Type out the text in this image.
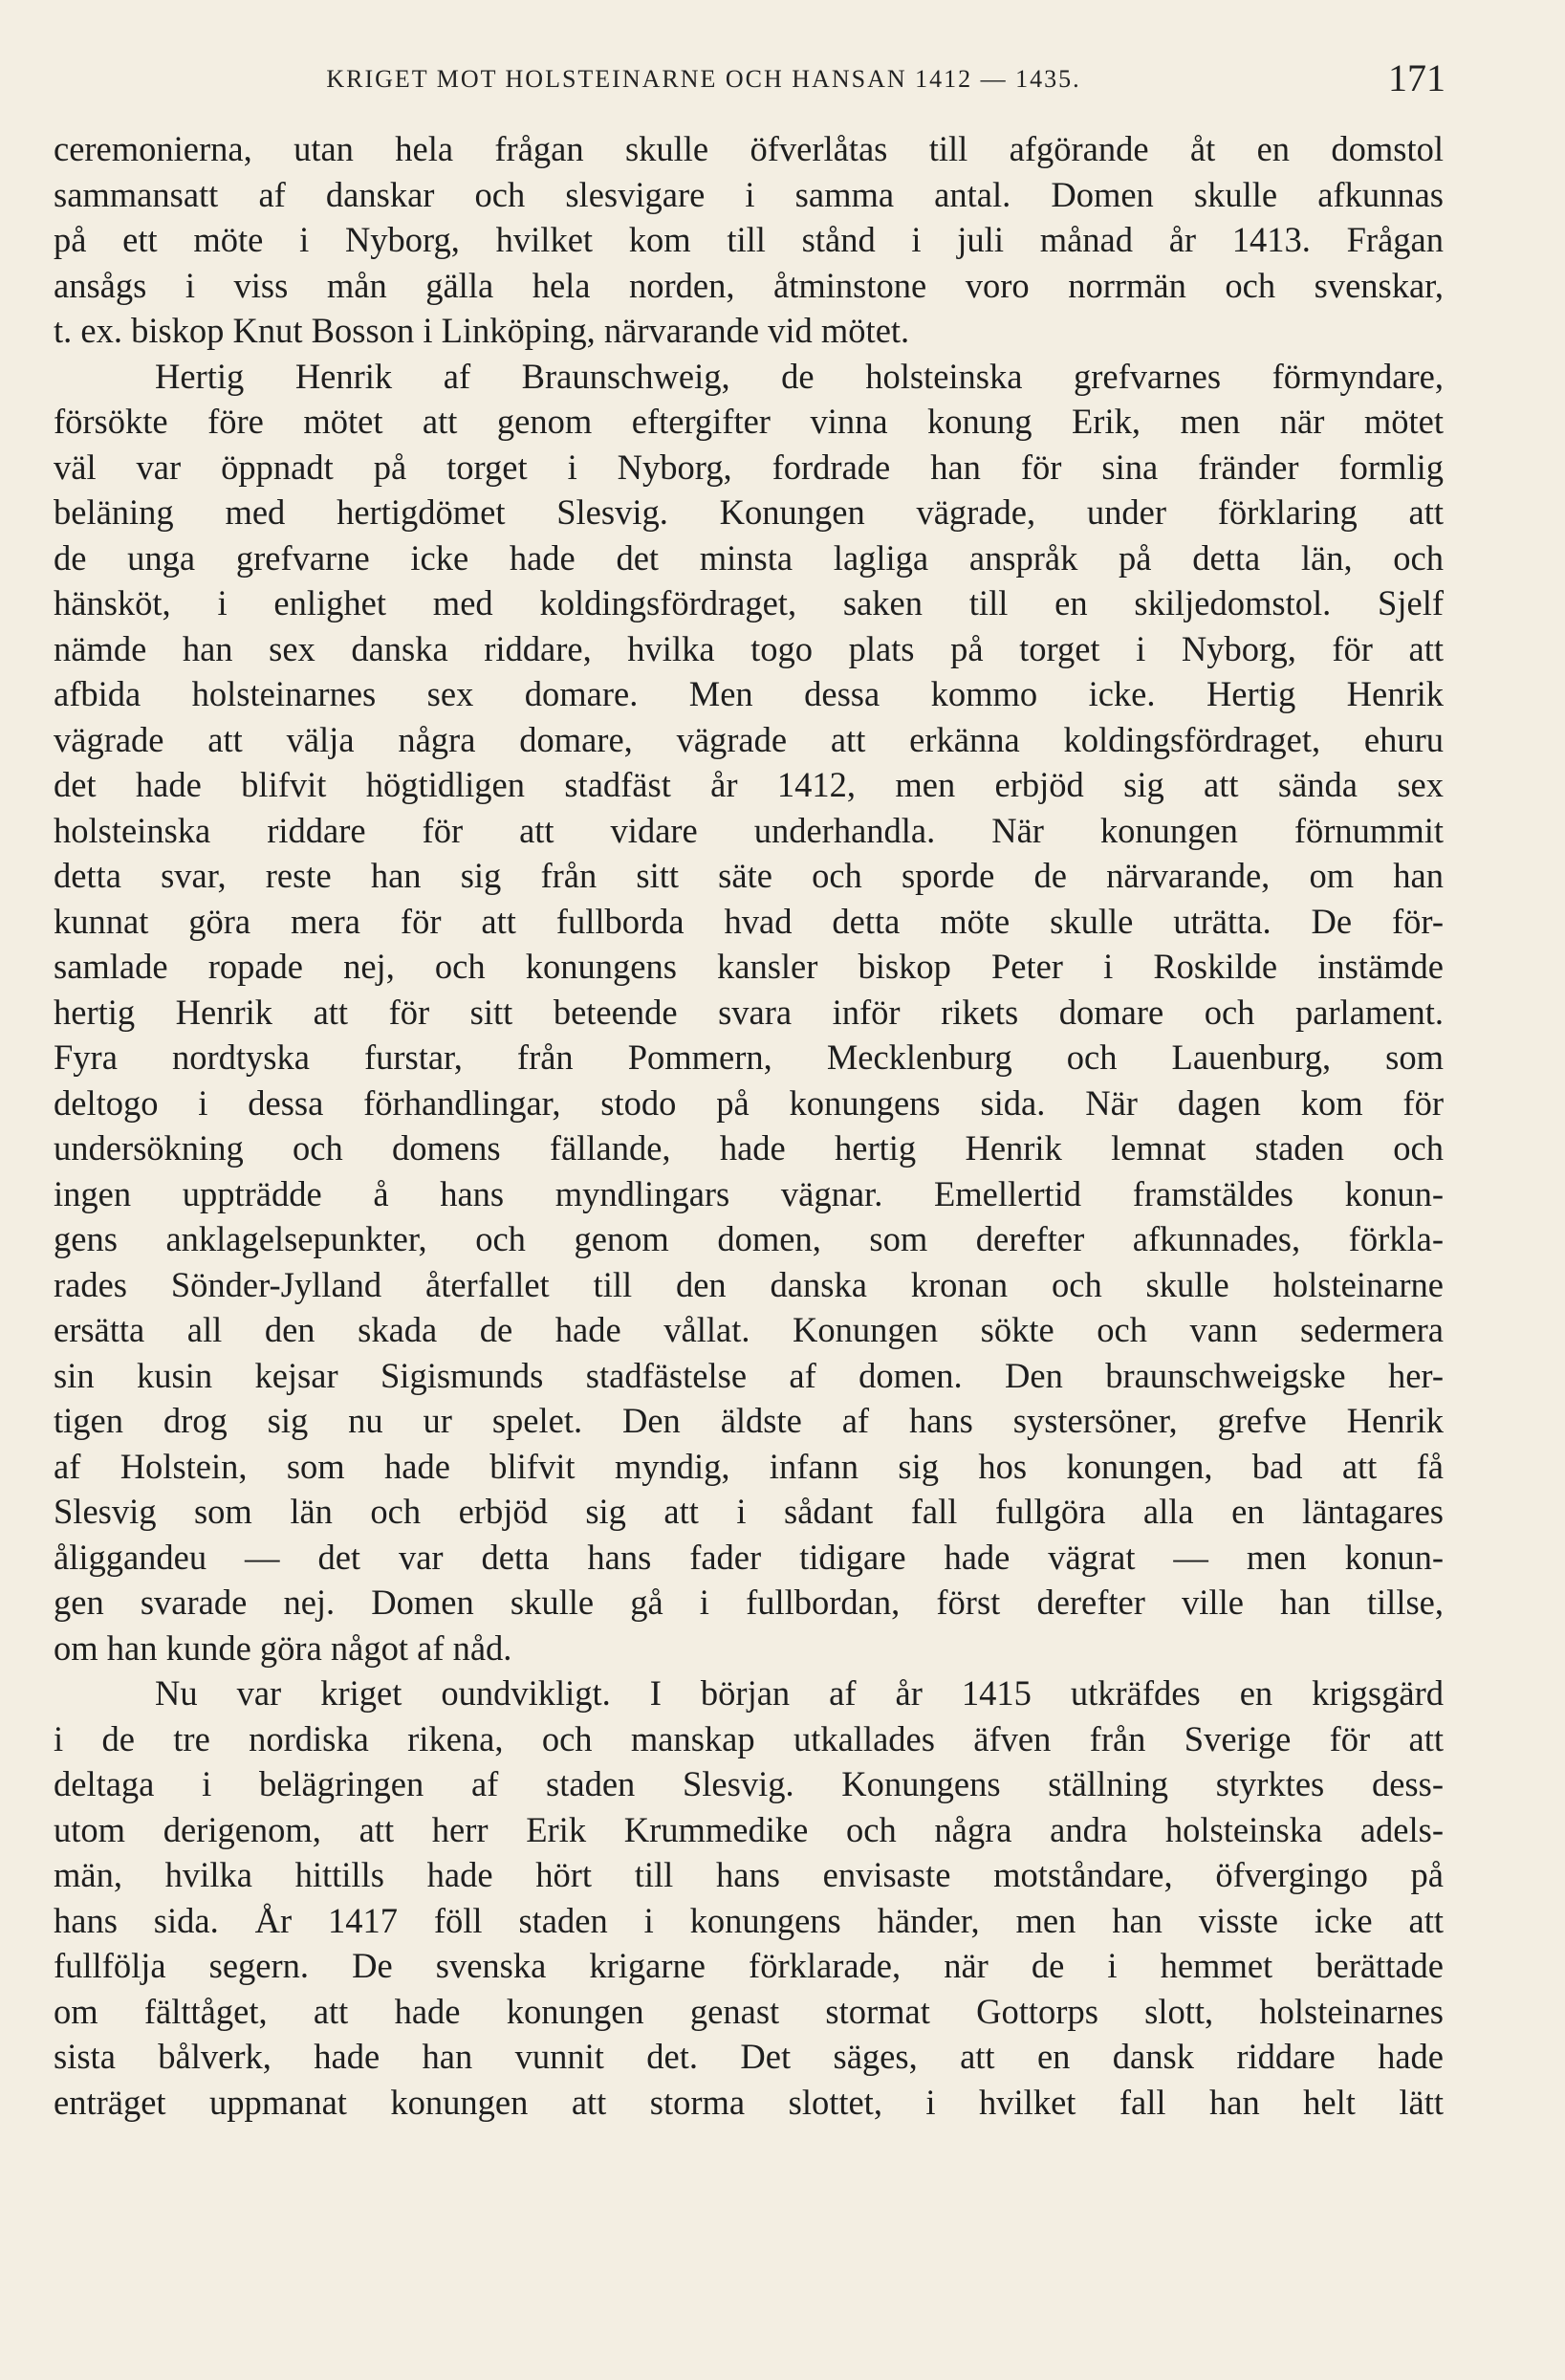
KRIGET MOT HOLSTEINARNE OCH HANSAN 1412 — 1435.	171
ceremonierna, utan hela frågan skulle öfverlåtas till afgörande åt en domstol
sammansatt af danskar och slesvigare i samma antal. Domen skulle afkunnas
på ett möte i Nyborg, hvilket kom till stånd i juli månad år 1413. Frågan
ansågs i viss mån gälla hela norden, åtminstone voro norrmän och svenskar,
t. ex. biskop Knut Bosson i Linköping, närvarande vid mötet.
Hertig Henrik af Braunschweig, de holsteinska grefvarnes förmyndare,
försökte före mötet att genom eftergifter vinna konung Erik, men när mötet
väl var öppnadt på torget i Nyborg, fordrade han för sina fränder formlig
beläning med hertigdömet Slesvig. Konungen vägrade, under förklaring att
de unga grefvarne icke hade det minsta lagliga anspråk på detta län, och
hänsköt, i enlighet med koldingsfördraget, saken till en skiljedomstol. Sjelf
nämde han sex danska riddare, hvilka togo plats på torget i Nyborg, för att
afbida holsteinarnes sex domare. Men dessa kommo icke. Hertig Henrik
vägrade att välja några domare, vägrade att erkänna koldingsfördraget, ehuru
det hade blifvit högtidligen stadfäst år 1412, men erbjöd sig att sända sex
holsteinska riddare för att vidare underhandla. När konungen förnummit
detta svar, reste han sig från sitt säte och sporde de närvarande, om han
kunnat göra mera för att fullborda hvad detta möte skulle uträtta. De för-
samlade ropade nej, och konungens kansler biskop Peter i Roskilde instämde
hertig Henrik att för sitt beteende svara inför rikets domare och parlament.
Fyra nordtyska furstar, från Pommern, Mecklenburg och Lauenburg, som
deltogo i dessa förhandlingar, stodo på konungens sida. När dagen kom för
undersökning och domens fällande, hade hertig Henrik lemnat staden och
ingen uppträdde å hans myndlingars vägnar. Emellertid framstäldes konun-
gens anklagelsepunkter, och genom domen, som derefter afkunnades, förkla-
rades Sönder-Jylland återfallet till den danska kronan och skulle holsteinarne
ersätta all den skada de hade vållat. Konungen sökte och vann sedermera
sin kusin kejsar Sigismunds stadfästelse af domen. Den braunschweigske her-
tigen drog sig nu ur spelet. Den äldste af hans systersöner, grefve Henrik
af Holstein, som hade blifvit myndig, infann sig hos konungen, bad att få
Slesvig som län och erbjöd sig att i sådant fall fullgöra alla en läntagares
åliggandeu — det var detta hans fader tidigare hade vägrat — men konun-
gen svarade nej. Domen skulle gå i fullbordan, först derefter ville han tillse,
om han kunde göra något af nåd.
Nu var kriget oundvikligt. I början af år 1415 utkräfdes en krigsgärd
i de tre nordiska rikena, och manskap utkallades äfven från Sverige för att
deltaga i belägringen af staden Slesvig. Konungens ställning styrktes dess-
utom derigenom, att herr Erik Krummedike och några andra holsteinska adels-
män, hvilka hittills hade hört till hans envisaste motståndare, öfvergingo på
hans sida. År 1417 föll staden i konungens händer, men han visste icke att
fullfölja segern. De svenska krigarne förklarade, när de i hemmet berättade
om fälttåget, att hade konungen genast stormat Gottorps slott, holsteinarnes
sista bålverk, hade han vunnit det. Det säges, att en dansk riddare hade
enträget uppmanat konungen att storma slottet, i hvilket fall han helt lätt
